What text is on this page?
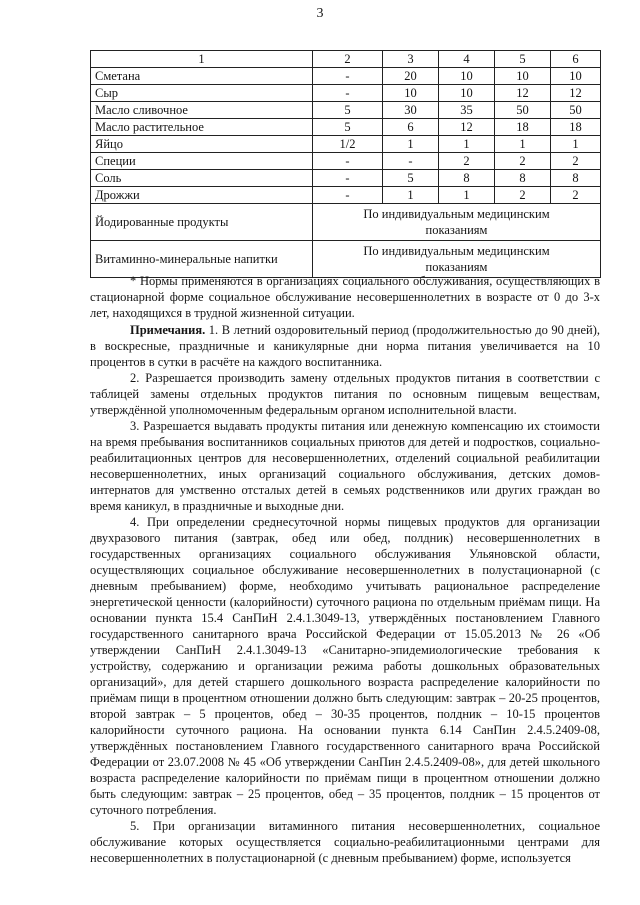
3
1	2	3	4	5	6
Сметана	-	20	10	10	10
Сыр	-	10	10	12	12
Масло сливочное	5	30	35	50	50
Масло растительное	5	6	12	18	18
Яйцо	1/2	1	1	1	1
Специи	-	-	2	2	2
Соль	-	5	8	8	8
Дрожжи	-	1	1	2	2
Йодированные продукты	По индивидуальным медицинским показаниям				
Витаминно-минеральные напитки	По индивидуальным медицинским показаниям				

* Нормы применяются в организациях социального обслуживания, осуществляющих в стационарной форме социальное обслуживание несовершеннолетних в возрасте от 0 до 3-х лет, находящихся в трудной жизненной ситуации.

Примечания. 1. В летний оздоровительный период (продолжительностью до 90 дней), в воскресные, праздничные и каникулярные дни норма питания увеличивается на 10 процентов в сутки в расчёте на каждого воспитанника.

2. Разрешается производить замену отдельных продуктов питания в соответствии с таблицей замены отдельных продуктов питания по основным пищевым веществам, утверждённой уполномоченным федеральным органом исполнительной власти.

3. Разрешается выдавать продукты питания или денежную компенсацию их стоимости на время пребывания воспитанников социальных приютов для детей и подростков, социально-реабилитационных центров для несовершеннолетних, отделений социальной реабилитации несовершеннолетних, иных организаций социального обслуживания, детских домов-интернатов для умственно отсталых детей в семьях родственников или других граждан во время каникул, в праздничные и выходные дни.

4. При определении среднесуточной нормы пищевых продуктов для организации двухразового питания (завтрак, обед или обед, полдник) несовершеннолетних в государственных организациях социального обслуживания Ульяновской области, осуществляющих социальное обслуживание несовершеннолетних в полустационарной (с дневным пребыванием) форме, необходимо учитывать рациональное распределение энергетической ценности (калорийности) суточного рациона по отдельным приёмам пищи. На основании пункта 15.4 СанПиН 2.4.1.3049-13, утверждённых постановлением Главного государственного санитарного врача Российской Федерации от 15.05.2013 № 26 «Об утверждении СанПиН 2.4.1.3049-13 «Санитарно-эпидемиологические требования к устройству, содержанию и организации режима работы дошкольных образовательных организаций», для детей старшего дошкольного возраста распределение калорийности по приёмам пищи в процентном отношении должно быть следующим: завтрак – 20-25 процентов, второй завтрак – 5 процентов, обед – 30-35 процентов, полдник – 10-15 процентов калорийности суточного рациона. На основании пункта 6.14 СанПин 2.4.5.2409-08, утверждённых постановлением Главного государственного санитарного врача Российской Федерации от 23.07.2008 № 45 «Об утверждении СанПин 2.4.5.2409-08», для детей школьного возраста распределение калорийности по приёмам пищи в процентном отношении должно быть следующим: завтрак – 25 процентов, обед – 35 процентов, полдник – 15 процентов от суточного потребления.

5. При организации витаминного питания несовершеннолетних, социальное обслуживание которых осуществляется социально-реабилитационными центрами для несовершеннолетних в полустационарной (с дневным пребыванием) форме, используется
